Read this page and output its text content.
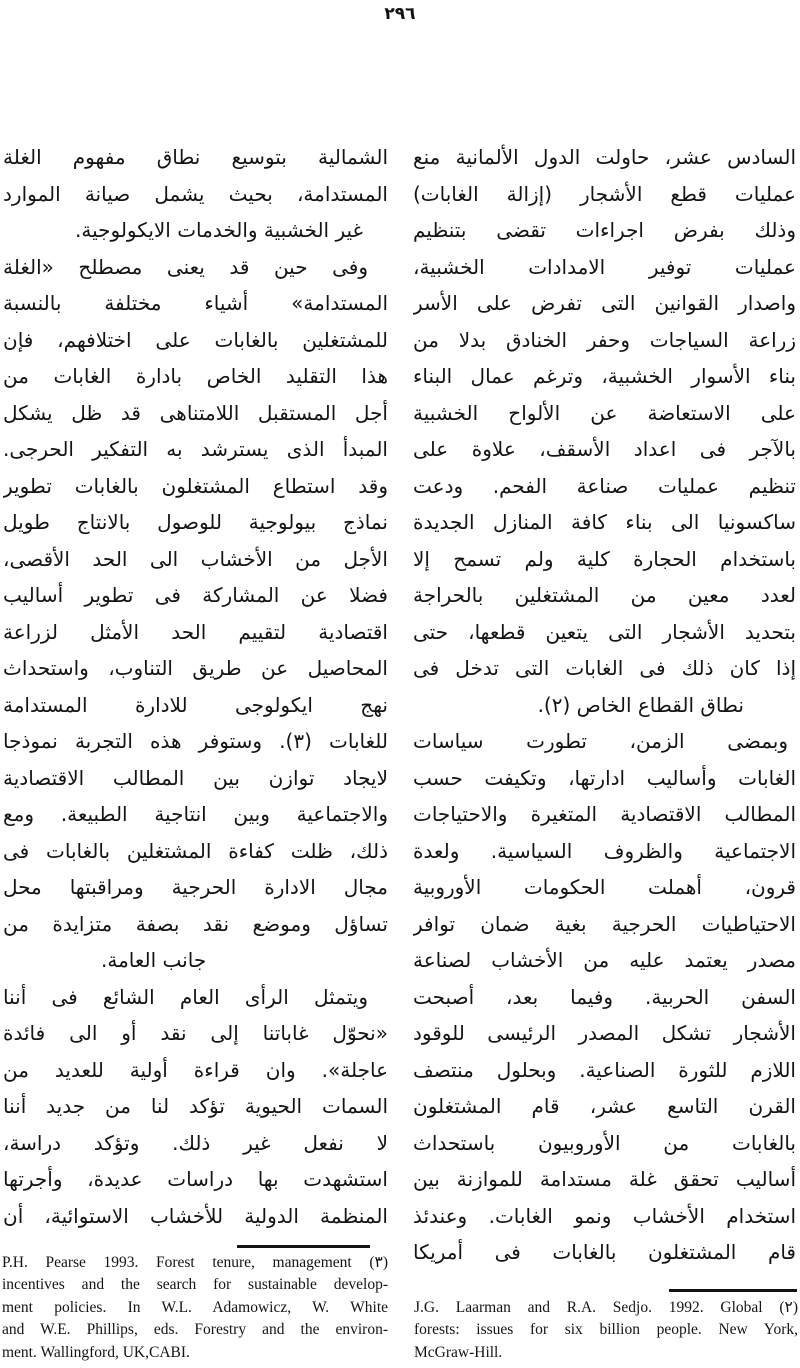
٢٩٦
السادس عشر، حاولت الدول الألمانية منع
عمليات قطع الأشجار (إزالة الغابات)
وذلك بفرض اجراءات تقضى بتنظيم
عمليات توفير الامدادات الخشبية،
واصدار القوانين التى تفرض على الأسر
زراعة السياجات وحفر الخنادق بدلا من
بناء الأسوار الخشبية، وترغم عمال البناء
على الاستعاضة عن الألواح الخشبية
بالآجر فى اعداد الأسقف، علاوة على
تنظيم عمليات صناعة الفحم. ودعت
ساكسونيا الى بناء كافة المنازل الجديدة
باستخدام الحجارة كلية ولم تسمح إلا
لعدد معين من المشتغلين بالحراجة
بتحديد الأشجار التى يتعين قطعها، حتى
إذا كان ذلك فى الغابات التى تدخل فى
نطاق القطاع الخاص (٢).
وبمضى الزمن، تطورت سياسات
الغابات وأساليب ادارتها، وتكيفت حسب
المطالب الاقتصادية المتغيرة والاحتياجات
الاجتماعية والظروف السياسية. ولعدة
قرون، أهملت الحكومات الأوروبية
الاحتياطيات الحرجية بغية ضمان توافر
مصدر يعتمد عليه من الأخشاب لصناعة
السفن الحربية. وفيما بعد، أصبحت
الأشجار تشكل المصدر الرئيسى للوقود
اللازم للثورة الصناعية. وبحلول منتصف
القرن التاسع عشر، قام المشتغلون
بالغابات من الأوروبيون باستحداث
أساليب تحقق غلة مستدامة للموازنة بين
استخدام الأخشاب ونمو الغابات. وعندئذ
قام المشتغلون بالغابات فى أمريكا
الشمالية بتوسيع نطاق مفهوم الغلة
المستدامة، بحيث يشمل صيانة الموارد
غير الخشبية والخدمات الايكولوجية.
وفى حين قد يعنى مصطلح «الغلة
المستدامة» أشياء مختلفة بالنسبة
للمشتغلين بالغابات على اختلافهم، فإن
هذا التقليد الخاص بادارة الغابات من
أجل المستقبل اللامتناهى قد ظل يشكل
المبدأ الذى يسترشد به التفكير الحرجى.
وقد استطاع المشتغلون بالغابات تطوير
نماذج بيولوجية للوصول بالانتاج طويل
الأجل من الأخشاب الى الحد الأقصى،
فضلا عن المشاركة فى تطوير أساليب
اقتصادية لتقييم الحد الأمثل لزراعة
المحاصيل عن طريق التناوب، واستحداث
نهج ايكولوجى للادارة المستدامة
للغابات (٣). وستوفر هذه التجربة نموذجا
لايجاد توازن بين المطالب الاقتصادية
والاجتماعية وبين انتاجية الطبيعة. ومع
ذلك، ظلت كفاءة المشتغلين بالغابات فى
مجال الادارة الحرجية ومراقبتها محل
تساؤل وموضع نقد بصفة متزايدة من
جانب العامة.
ويتمثل الرأى العام الشائع فى أننا
«نحوّل غاباتنا إلى نقد أو الى فائدة
عاجلة». وان قراءة أولية للعديد من
السمات الحيوية تؤكد لنا من جديد أننا
لا نفعل غير ذلك. وتؤكد دراسة،
استشهدت بها دراسات عديدة، وأجرتها
المنظمة الدولية للأخشاب الاستوائية، أن
P.H. Pearse 1993. Forest tenure, management (٣)
incentives and the search for sustainable develop-
ment policies. In W.L. Adamowicz, W. White
and W.E. Phillips, eds. Forestry and the environ-
ment. Wallingford, UK,CABI.
J.G. Laarman and R.A. Sedjo. 1992. Global (٢)
forests: issues for six billion people. New York,
McGraw-Hill.
